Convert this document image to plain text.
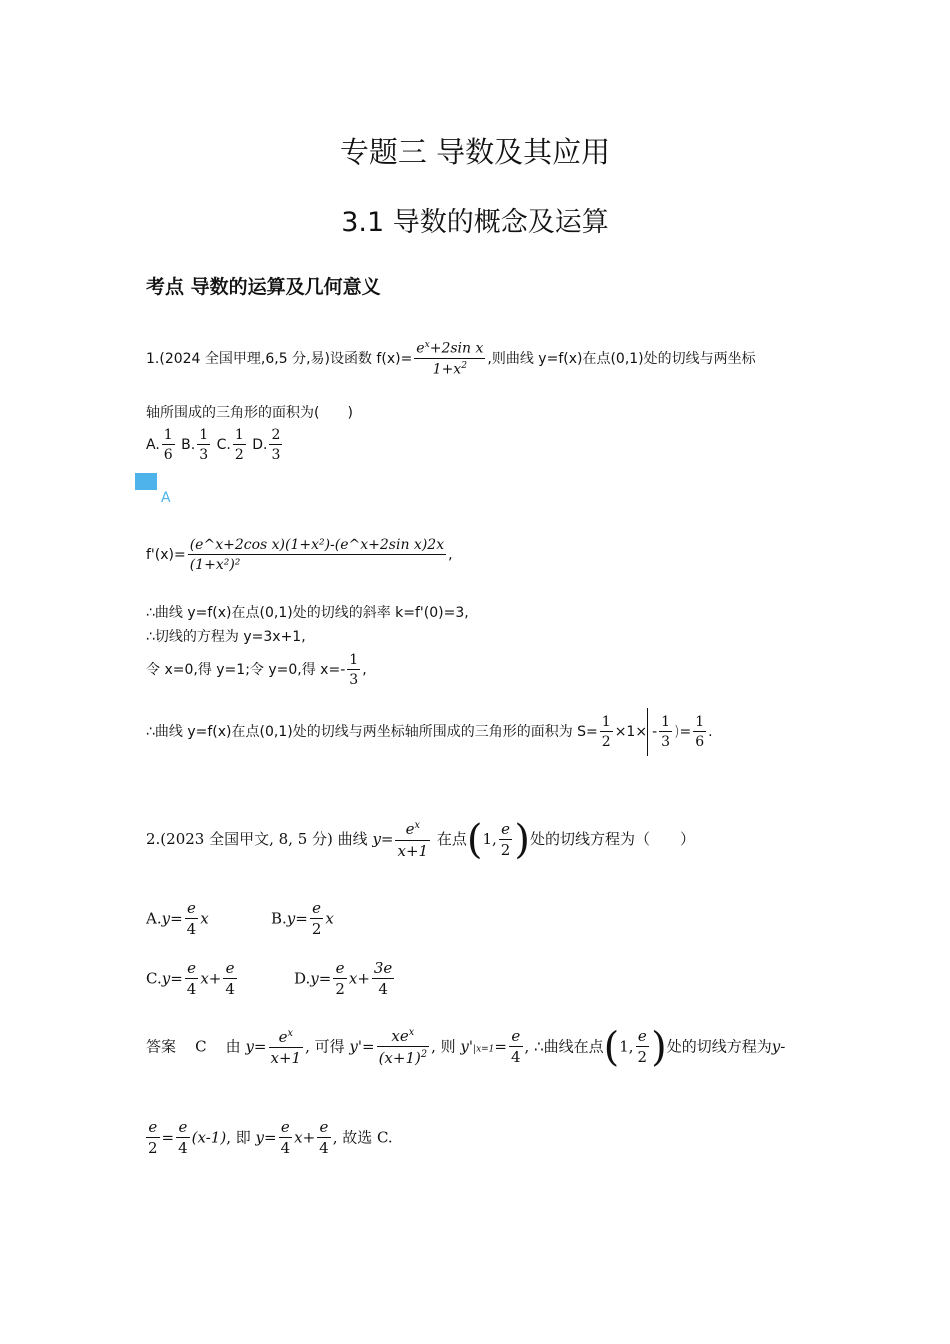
专题三 导数及其应用
3.1 导数的概念及运算
考点 导数的运算及几何意义
1.(2024 全国甲理,6,5 分,易)设函数 $f(x)= \frac{e^x+2\sin x}{1+x^2}$ ,则曲线 y=f(x)在点(0,1)处的切线与两坐标
轴所围成的三角形的面积为(　　)
A. $\frac{1}{6} B$. $\frac{1}{3} C$. $\frac{1}{2} D$. $\frac{2}{3}$
A
$f'(x)= \frac{\text{(e\textasciicircum{}x+2cos x)(1+x²)-(e\textasciicircum{}x+2sin x)2x}}{\text{(1+x²)²}}$ ,
∴曲线 y=f(x)在点(0,1)处的切线的斜率 k=f'(0)=3,
∴切线的方程为 y=3x+1,
令 x=0,得 y=1;令 y=0,得 $x=- \frac{1}{3}$ ,
∴曲线 y=f(x)在点(0,1)处的切线与两坐标轴所围成的三角形的面积为 $S= \frac{1}{2} \times 1\times - \frac{1}{3}$ )= $\frac{1}{6}$ .
2.(2023 全国甲文, 8, 5 分) 曲线 $y= \frac{e^x}{x+1}$ 在点(1, $\frac{e}{2}$ )处的切线方程为（　　）
$A.y= \frac{e}{4}$ x	$B.y= \frac{e}{2}$ x
$C.y= \frac{e}{4} x+ \frac{e}{4}$	$D.y= \frac{e}{2} x+ \frac{3e}{4}$
答案 C 由 $y= \frac{e^x}{x+1}$ , 可得 $y'= \frac{xe^x}{(x+1)^2}$ , 则 $y'|x=1= \frac{e}{4}$ , ∴曲线在点(1, $\frac{e}{2}$ )处的切线方程为y-
$\frac{e}{2} = \frac{e}{4} (x-1)$, 即 $y= \frac{e}{4} x+ \frac{e}{4}$ , 故选 C.
